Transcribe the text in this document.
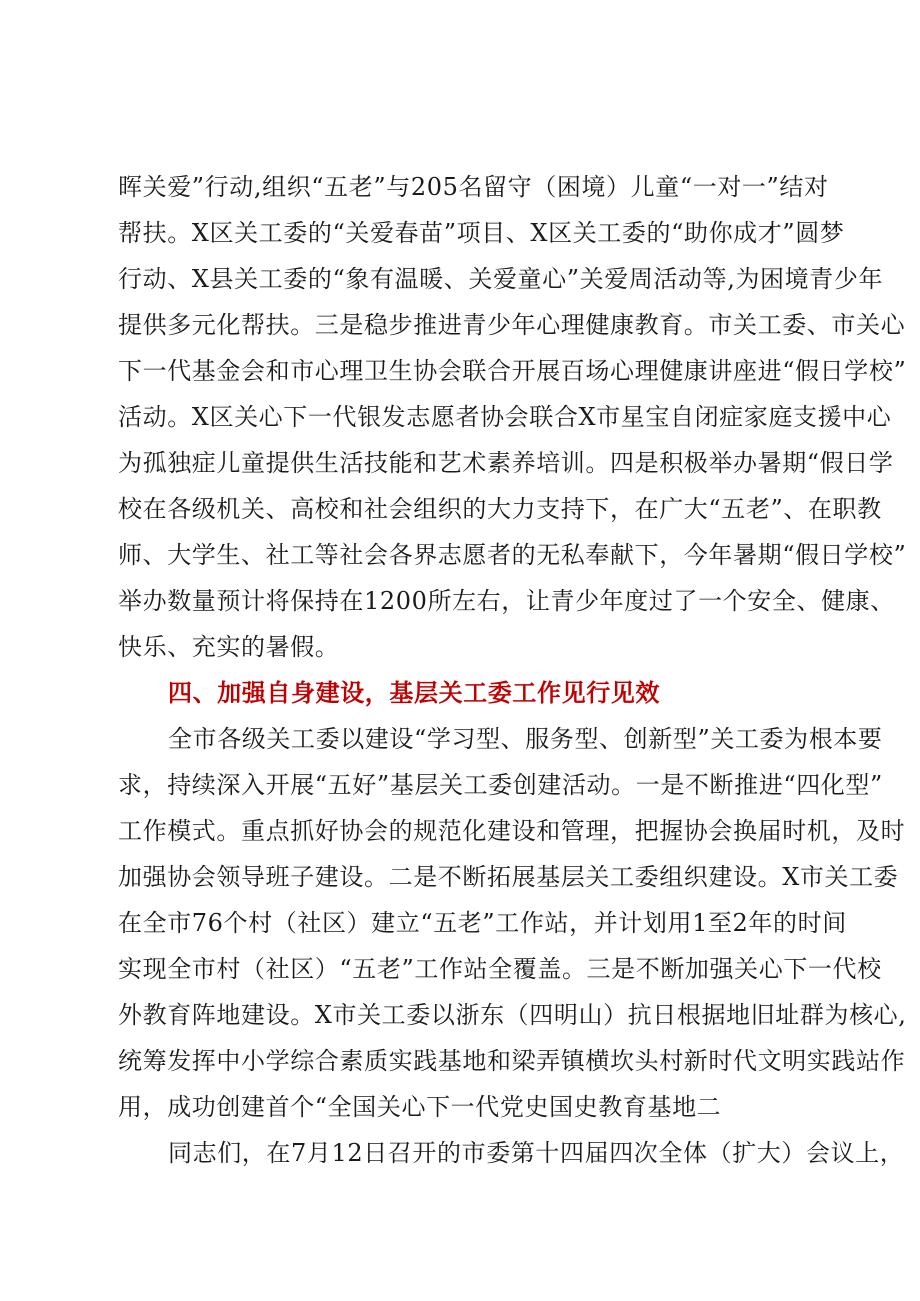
晖关爱”行动,组织“五老”与205名留守（困境）儿童“一对一”结对

帮扶。X区关工委的“关爱春苗”项目、X区关工委的“助你成才”圆梦

行动、X县关工委的“象有温暖、关爱童心”关爱周活动等,为困境青少年

提供多元化帮扶。三是稳步推进青少年心理健康教育。市关工委、市关心

下一代基金会和市心理卫生协会联合开展百场心理健康讲座进“假日学校”

活动。X区关心下一代银发志愿者协会联合X市星宝自闭症家庭支援中心

为孤独症儿童提供生活技能和艺术素养培训。四是积极举办暑期“假日学

校在各级机关、高校和社会组织的大力支持下，在广大“五老”、在职教

师、大学生、社工等社会各界志愿者的无私奉献下，今年暑期“假日学校”

举办数量预计将保持在1200所左右，让青少年度过了一个安全、健康、

快乐、充实的暑假。

四、加强自身建设，基层关工委工作见行见效

全市各级关工委以建设“学习型、服务型、创新型”关工委为根本要

求，持续深入开展“五好”基层关工委创建活动。一是不断推进“四化型”

工作模式。重点抓好协会的规范化建设和管理，把握协会换届时机，及时

加强协会领导班子建设。二是不断拓展基层关工委组织建设。X市关工委

在全市76个村（社区）建立“五老”工作站，并计划用1至2年的时间

实现全市村（社区）“五老”工作站全覆盖。三是不断加强关心下一代校

外教育阵地建设。X市关工委以浙东（四明山）抗日根据地旧址群为核心,

统筹发挥中小学综合素质实践基地和梁弄镇横坎头村新时代文明实践站作

用，成功创建首个“全国关心下一代党史国史教育基地二

同志们，在7月12日召开的市委第十四届四次全体（扩大）会议上，
